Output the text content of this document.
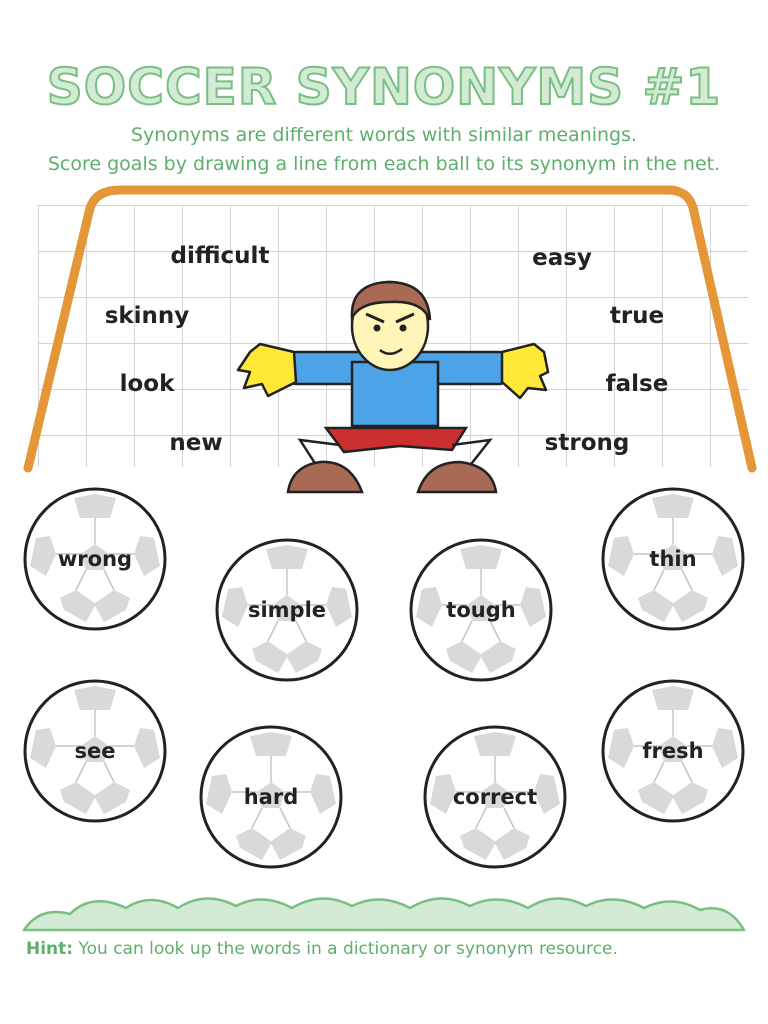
SOCCER SYNONYMS #1

Synonyms are different words with similar meanings.

Score goals by drawing a line from each ball to its synonym in the net.

difficult	easy
skinny	true
look	false
new	strong
wrong
simple	tough
thin
see
hard	correct
fresh
Hint: You can look up the words in a dictionary or synonym resource.
